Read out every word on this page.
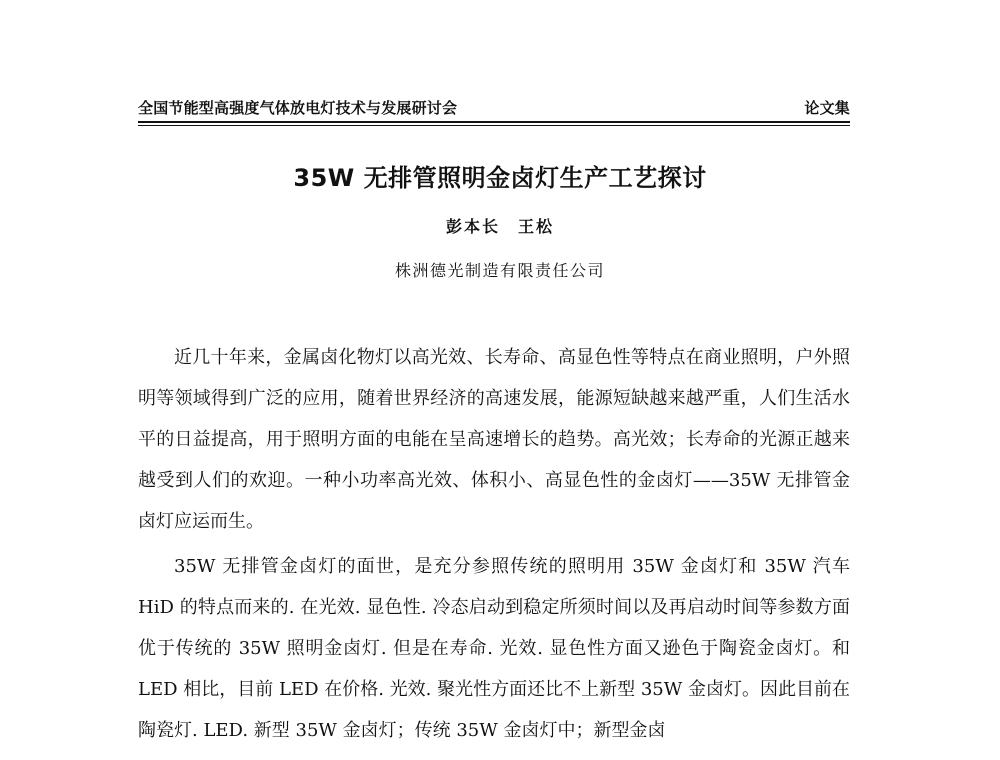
全国节能型高强度气体放电灯技术与发展研讨会	论文集
35W 无排管照明金卤灯生产工艺探讨
彭本长　王松
株洲德光制造有限责任公司

近几十年来，金属卤化物灯以高光效、长寿命、高显色性等特点在商业照明，户外照明等领域得到广泛的应用，随着世界经济的高速发展，能源短缺越来越严重，人们生活水平的日益提高，用于照明方面的电能在呈高速增长的趋势。高光效；长寿命的光源正越来越受到人们的欢迎。一种小功率高光效、体积小、高显色性的金卤灯——35W 无排管金卤灯应运而生。

35W 无排管金卤灯的面世，是充分参照传统的照明用 35W 金卤灯和 35W 汽车 HiD 的特点而来的. 在光效. 显色性. 冷态启动到稳定所须时间以及再启动时间等参数方面优于传统的 35W 照明金卤灯. 但是在寿命. 光效. 显色性方面又逊色于陶瓷金卤灯。和 LED 相比，目前 LED 在价格. 光效. 聚光性方面还比不上新型 35W 金卤灯。因此目前在陶瓷灯. LED. 新型 35W 金卤灯；传统 35W 金卤灯中；新型金卤
